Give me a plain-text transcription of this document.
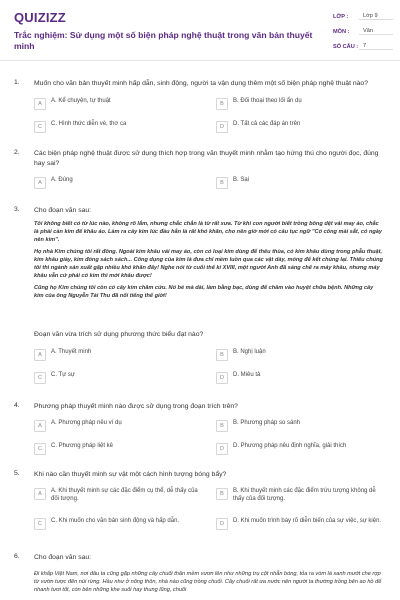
QUIZIZZ
Trắc nghiệm: Sử dụng một số biện pháp nghệ thuật trong văn bản thuyết minh
LỚP :	Lớp 9
MÔN :	Văn
SỐ CÂU : 7
1. Muốn cho văn bản thuyết minh hấp dẫn, sinh động, người ta vận dụng thêm một số biện pháp nghệ thuật nào?
A	A. Kể chuyện, tự thuật	B	B. Đối thoại theo lối ẩn dụ
C	C. Hình thức diễn vè, thơ ca	D	D. Tất cả các đáp án trên
2. Các biện pháp nghệ thuật được sử dụng thích hợp trong văn thuyết minh nhằm tạo hứng thú cho người đọc, đúng hay sai?
A	A. Đúng	B	B. Sai
3. Cho đoạn văn sau:

Tôi không biết có từ lúc nào, không rõ lắm, nhưng chắc chắn là từ rất xưa. Từ khi con người biết trồng bông dệt vải may áo, chắc là phải cần kim để khâu áo. Làm ra cây kim lúc đầu hẳn là rất khó khăn, cho nên giờ mới có câu tục ngữ "Có công mài sắt, có ngày nên kim".

Họ nhà Kim chúng tôi rất đông. Ngoài kim khâu vải may áo, còn có loại kim dùng để thêu thùa, có kim khâu dùng trong phẫu thuật, kim khâu giày, kim đóng sách sách... Công dụng của kim là đưa chỉ mềm luồn qua các vật dày, móng để kết chúng lại. Thiếu chúng tôi thì ngành sản xuất gặp nhiều khó khăn đấy! Nghe nói từ cuối thế kỉ XVIII, một người Anh đã sáng chế ra máy khâu, nhưng máy khâu vẫn cứ phải có kim thì mới khâu được!

Cũng họ Kim chúng tôi còn có cây kim chăm cứu. Nó bé mà dài, làm bằng bạc, dùng để châm vào huyệt chữa bệnh. Những cây kim của ông Nguyễn Tài Thu đã nổi tiếng thế giới!

Đoạn văn vừa trích sử dụng phương thức biểu đạt nào?
A	A. Thuyết minh	B	B. Nghị luận
C	C. Tự sự	D	D. Miêu tả
4. Phương pháp thuyết minh nào được sử dụng trong đoạn trích trên?
A	A. Phương pháp nêu ví dụ	B	B. Phương pháp so sánh
C	C. Phương pháp liệt kê	D	D. Phương pháp nêu định nghĩa, giải thích
5. Khi nào cần thuyết minh sự vật một cách hình tượng bóng bẩy?
A	A. Khi thuyết minh sự các đặc điểm cụ thể, dễ thấy của đối tượng.
B	B. Khi thuyết minh các đặc điểm trừu tượng không dễ thấy của đối tượng.
C	C. Khi muốn cho văn bản sinh động và hấp dẫn.	D	D. Khi muốn trình bày rõ diễn biến của sự việc, sự kiện.
6. Cho đoạn văn sau:

Đi khắp Việt Nam, nơi đâu ta cũng gặp những cây chuối thân mềm vươn lên như những trụ cột nhẵn bóng, tỏa ra vòm lá xanh mướt che rợp từ vườn tược đến núi rừng. Hầu như ở nông thôn, nhà nào cũng trồng chuối. Cây chuối rất ưa nước nên người ta thường trồng bên ao hồ để nhanh tươi tốt, còn bên những khe suối hay thung lũng, chuối
